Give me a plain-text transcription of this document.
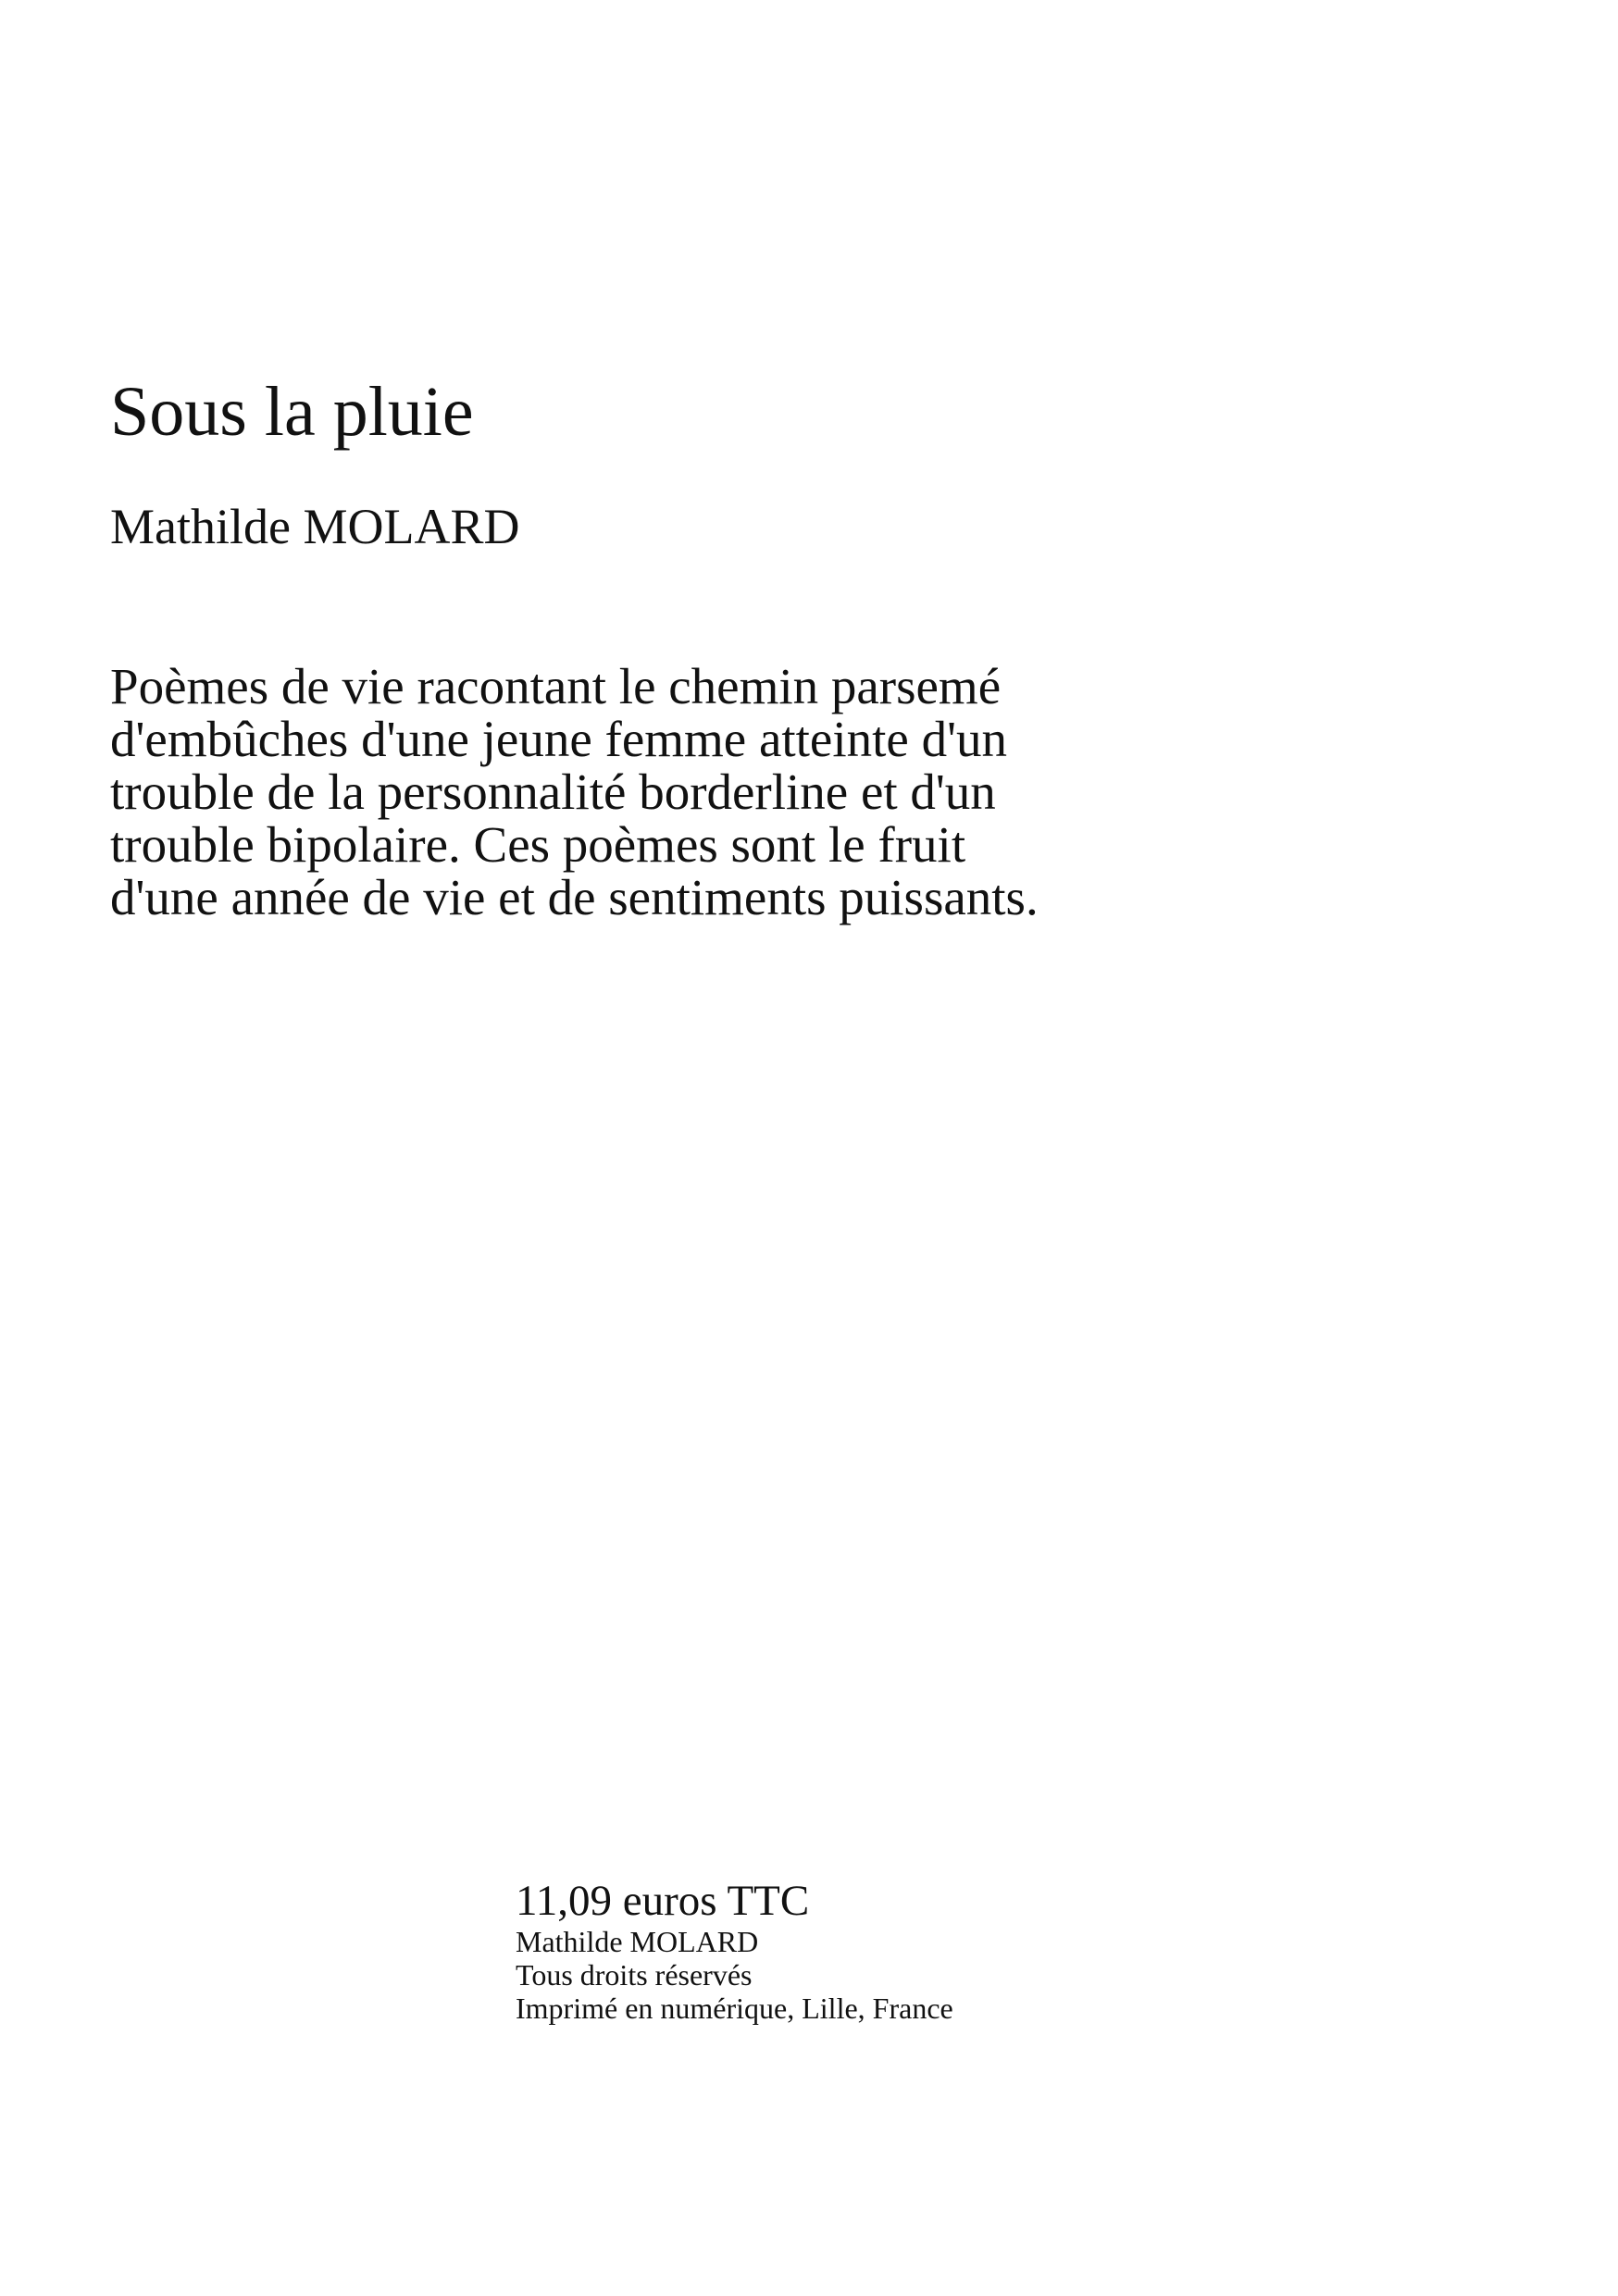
Sous la pluie
Mathilde MOLARD

Poèmes de vie racontant le chemin parsemé
d'embûches d'une jeune femme atteinte d'un
trouble de la personnalité borderline et d'un
trouble bipolaire. Ces poèmes sont le fruit
d'une année de vie et de sentiments puissants.

11,09 euros TTC
Mathilde MOLARD
Tous droits réservés
Imprimé en numérique, Lille, France
